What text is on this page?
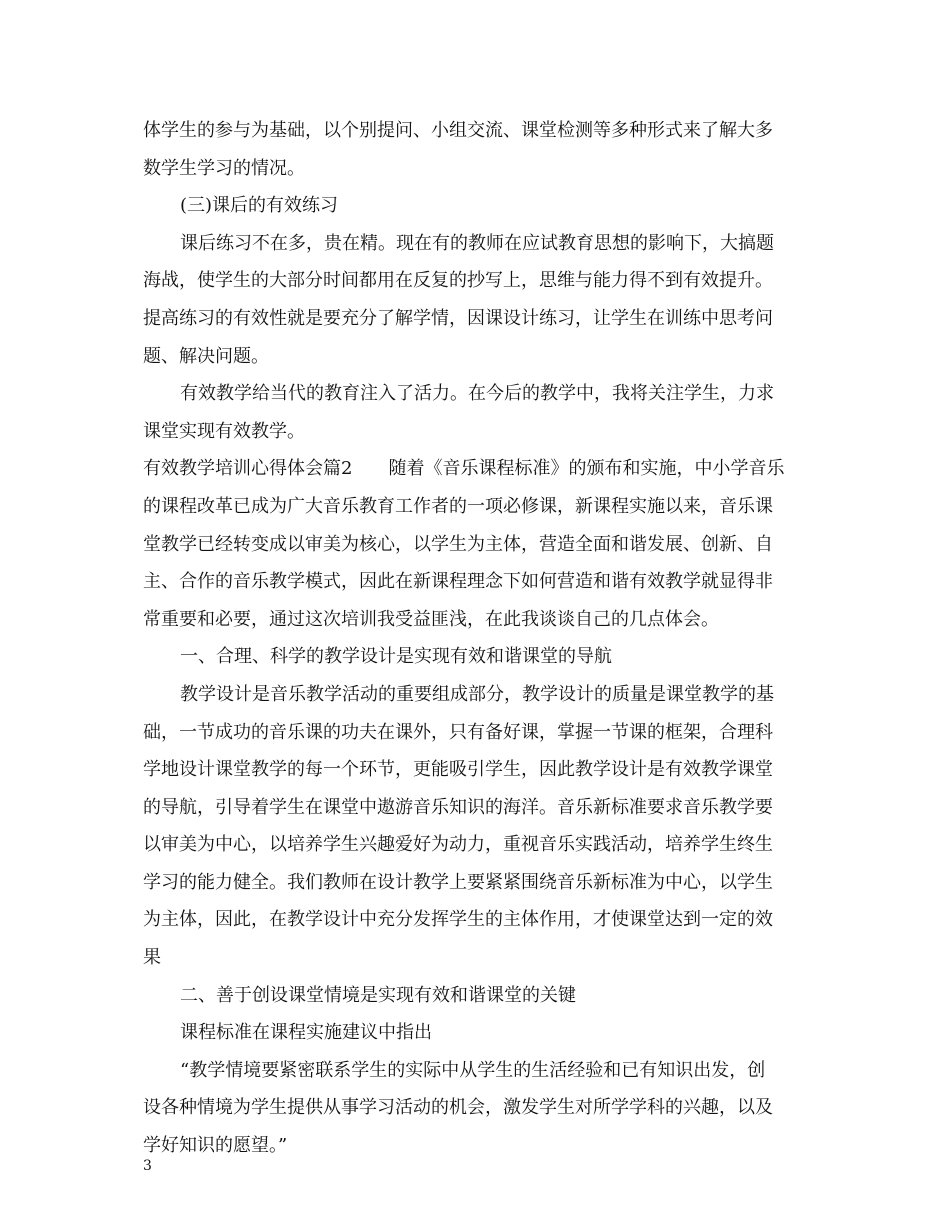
体学生的参与为基础，以个别提问、小组交流、课堂检测等多种形式来了解大多
数学生学习的情况。
(三)课后的有效练习
课后练习不在多，贵在精。现在有的教师在应试教育思想的影响下，大搞题
海战，使学生的大部分时间都用在反复的抄写上，思维与能力得不到有效提升。
提高练习的有效性就是要充分了解学情，因课设计练习，让学生在训练中思考问
题、解决问题。
有效教学给当代的教育注入了活力。在今后的教学中，我将关注学生，力求
课堂实现有效教学。
有效教学培训心得体会篇2　　随着《音乐课程标准》的颁布和实施，中小学音乐
的课程改革已成为广大音乐教育工作者的一项必修课，新课程实施以来，音乐课
堂教学已经转变成以审美为核心，以学生为主体，营造全面和谐发展、创新、自
主、合作的音乐教学模式，因此在新课程理念下如何营造和谐有效教学就显得非
常重要和必要，通过这次培训我受益匪浅，在此我谈谈自己的几点体会。
一、合理、科学的教学设计是实现有效和谐课堂的导航
教学设计是音乐教学活动的重要组成部分，教学设计的质量是课堂教学的基
础，一节成功的音乐课的功夫在课外，只有备好课，掌握一节课的框架，合理科
学地设计课堂教学的每一个环节，更能吸引学生，因此教学设计是有效教学课堂
的导航，引导着学生在课堂中遨游音乐知识的海洋。音乐新标准要求音乐教学要
以审美为中心，以培养学生兴趣爱好为动力，重视音乐实践活动，培养学生终生
学习的能力健全。我们教师在设计教学上要紧紧围绕音乐新标准为中心，以学生
为主体，因此，在教学设计中充分发挥学生的主体作用，才使课堂达到一定的效
果
二、善于创设课堂情境是实现有效和谐课堂的关键
课程标准在课程实施建议中指出
“教学情境要紧密联系学生的实际中从学生的生活经验和已有知识出发，创
设各种情境为学生提供从事学习活动的机会，激发学生对所学学科的兴趣，以及
学好知识的愿望。”
3
